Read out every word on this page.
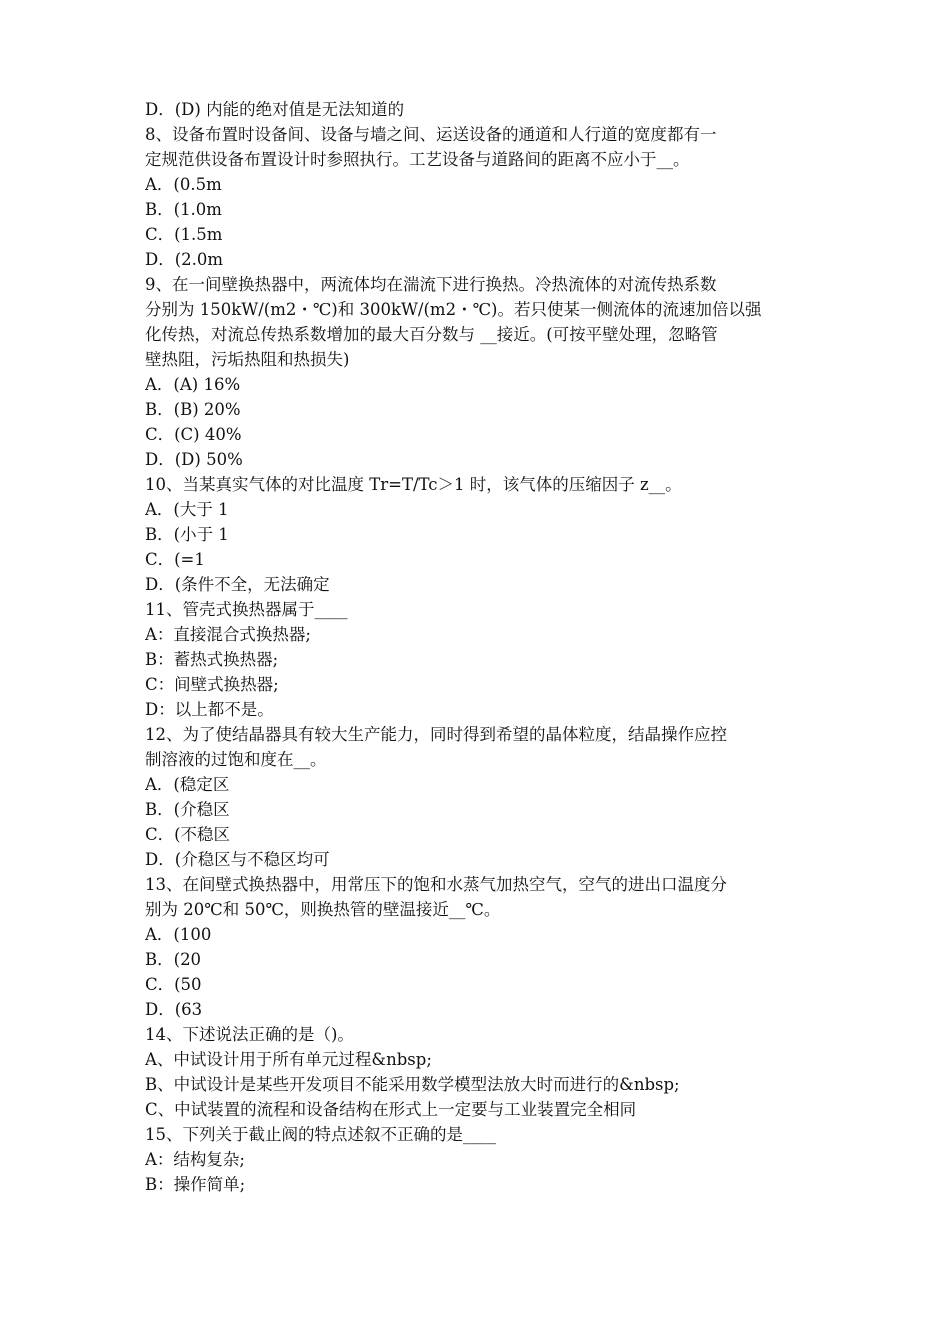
D．(D) 内能的绝对值是无法知道的
8、设备布置时设备间、设备与墙之间、运送设备的通道和人行道的宽度都有一
定规范供设备布置设计时参照执行。工艺设备与道路间的距离不应小于__。
A．(0.5m
B．(1.0m
C．(1.5m
D．(2.0m
9、在一间壁换热器中，两流体均在湍流下进行换热。冷热流体的对流传热系数
分别为 150kW/(m2・℃)和 300kW/(m2・℃)。若只使某一侧流体的流速加倍以强
化传热，对流总传热系数增加的最大百分数与 __接近。(可按平壁处理，忽略管
壁热阻，污垢热阻和热损失)
A．(A) 16%
B．(B) 20%
C．(C) 40%
D．(D) 50%
10、当某真实气体的对比温度 Tr=T/Tc＞1 时，该气体的压缩因子 z__。
A．(大于 1
B．(小于 1
C．(=1
D．(条件不全，无法确定
11、管壳式换热器属于____
A：直接混合式换热器;
B：蓄热式换热器;
C：间壁式换热器;
D：以上都不是。
12、为了使结晶器具有较大生产能力，同时得到希望的晶体粒度，结晶操作应控
制溶液的过饱和度在__。
A．(稳定区
B．(介稳区
C．(不稳区
D．(介稳区与不稳区均可
13、在间壁式换热器中，用常压下的饱和水蒸气加热空气，空气的进出口温度分
别为 20℃和 50℃，则换热管的壁温接近__℃。
A．(100
B．(20
C．(50
D．(63
14、下述说法正确的是（)。
A、中试设计用于所有单元过程&nbsp;
B、中试设计是某些开发项目不能采用数学模型法放大时而进行的&nbsp;
C、中试装置的流程和设备结构在形式上一定要与工业装置完全相同
15、下列关于截止阀的特点述叙不正确的是____
A：结构复杂;
B：操作简单;
